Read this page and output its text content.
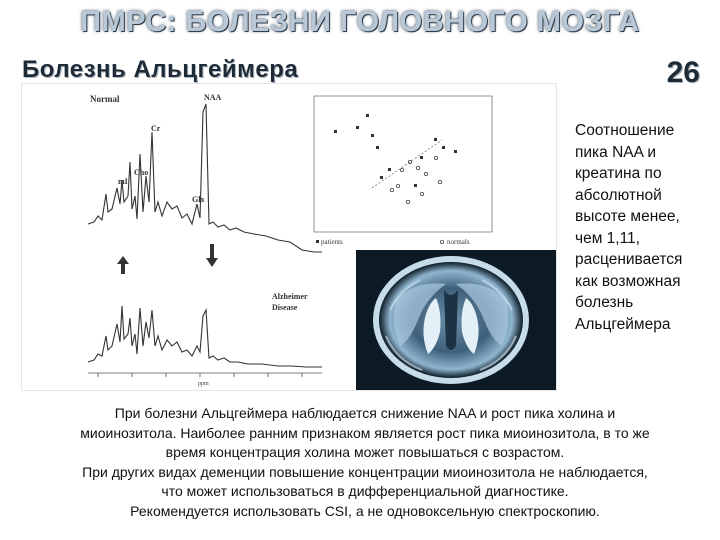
ПМРС: БОЛЕЗНИ ГОЛОВНОГО МОЗГА
Болезнь Альцгеймера	26
Normal	NAA
Cr
Cho
mI
Glx
Alzheimer
Disease
ppm
patients	normals
Соотношение
пика NAA и
креатина по
абсолютной
высоте менее,
чем 1,11,
расценивается
как возможная
болезнь
Альцгеймера
При болезни Альцгеймера наблюдается снижение NAA и рост пика холина и
миоинозитола. Наиболее ранним признаком является рост пика миоинозитола, в то же
время концентрация холина может повышаться с возрастом.
При других видах деменции повышение концентрации миоинозитола не наблюдается,
что может использоваться в дифференциальной диагностике.
Рекомендуется использовать CSI, а не одновоксельную спектроскопию.
